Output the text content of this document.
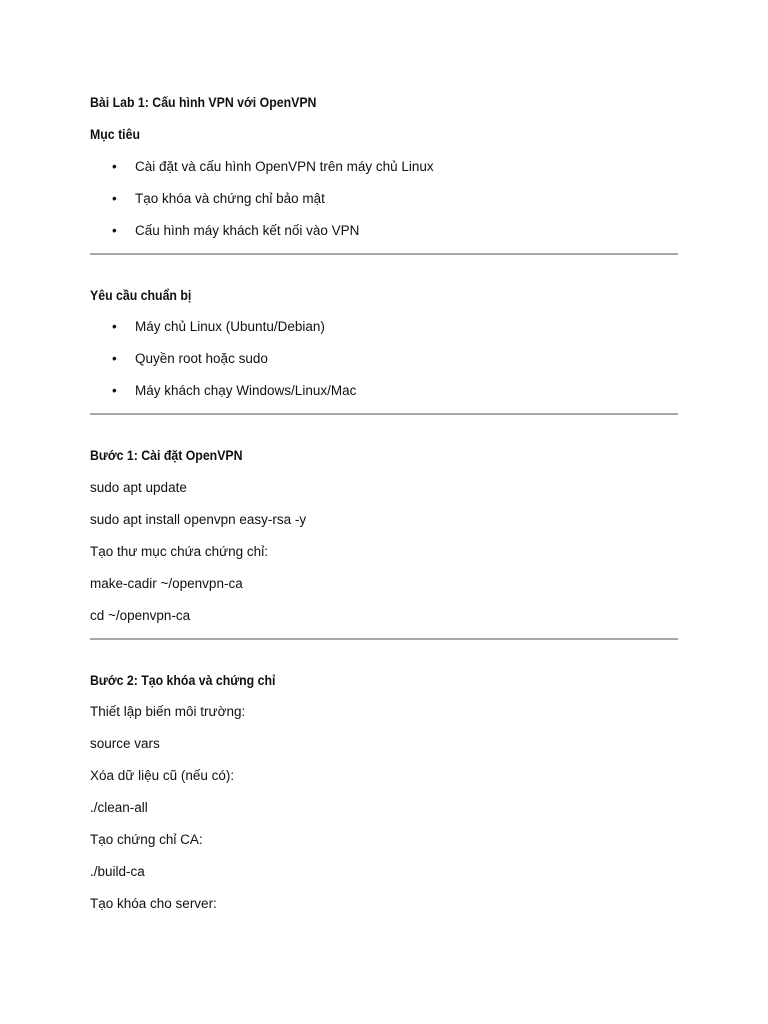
Bài Lab 1: Cấu hình VPN với OpenVPN
Mục tiêu
• Cài đặt và cấu hình OpenVPN trên máy chủ Linux
• Tạo khóa và chứng chỉ bảo mật
• Cấu hình máy khách kết nối vào VPN
Yêu cầu chuẩn bị
• Máy chủ Linux (Ubuntu/Debian)
• Quyền root hoặc sudo
• Máy khách chạy Windows/Linux/Mac
Bước 1: Cài đặt OpenVPN
sudo apt update
sudo apt install openvpn easy-rsa -y
Tạo thư mục chứa chứng chỉ:
make-cadir ~/openvpn-ca
cd ~/openvpn-ca
Bước 2: Tạo khóa và chứng chỉ
Thiết lập biến môi trường:
source vars
Xóa dữ liệu cũ (nếu có):
./clean-all
Tạo chứng chỉ CA:
./build-ca
Tạo khóa cho server:
